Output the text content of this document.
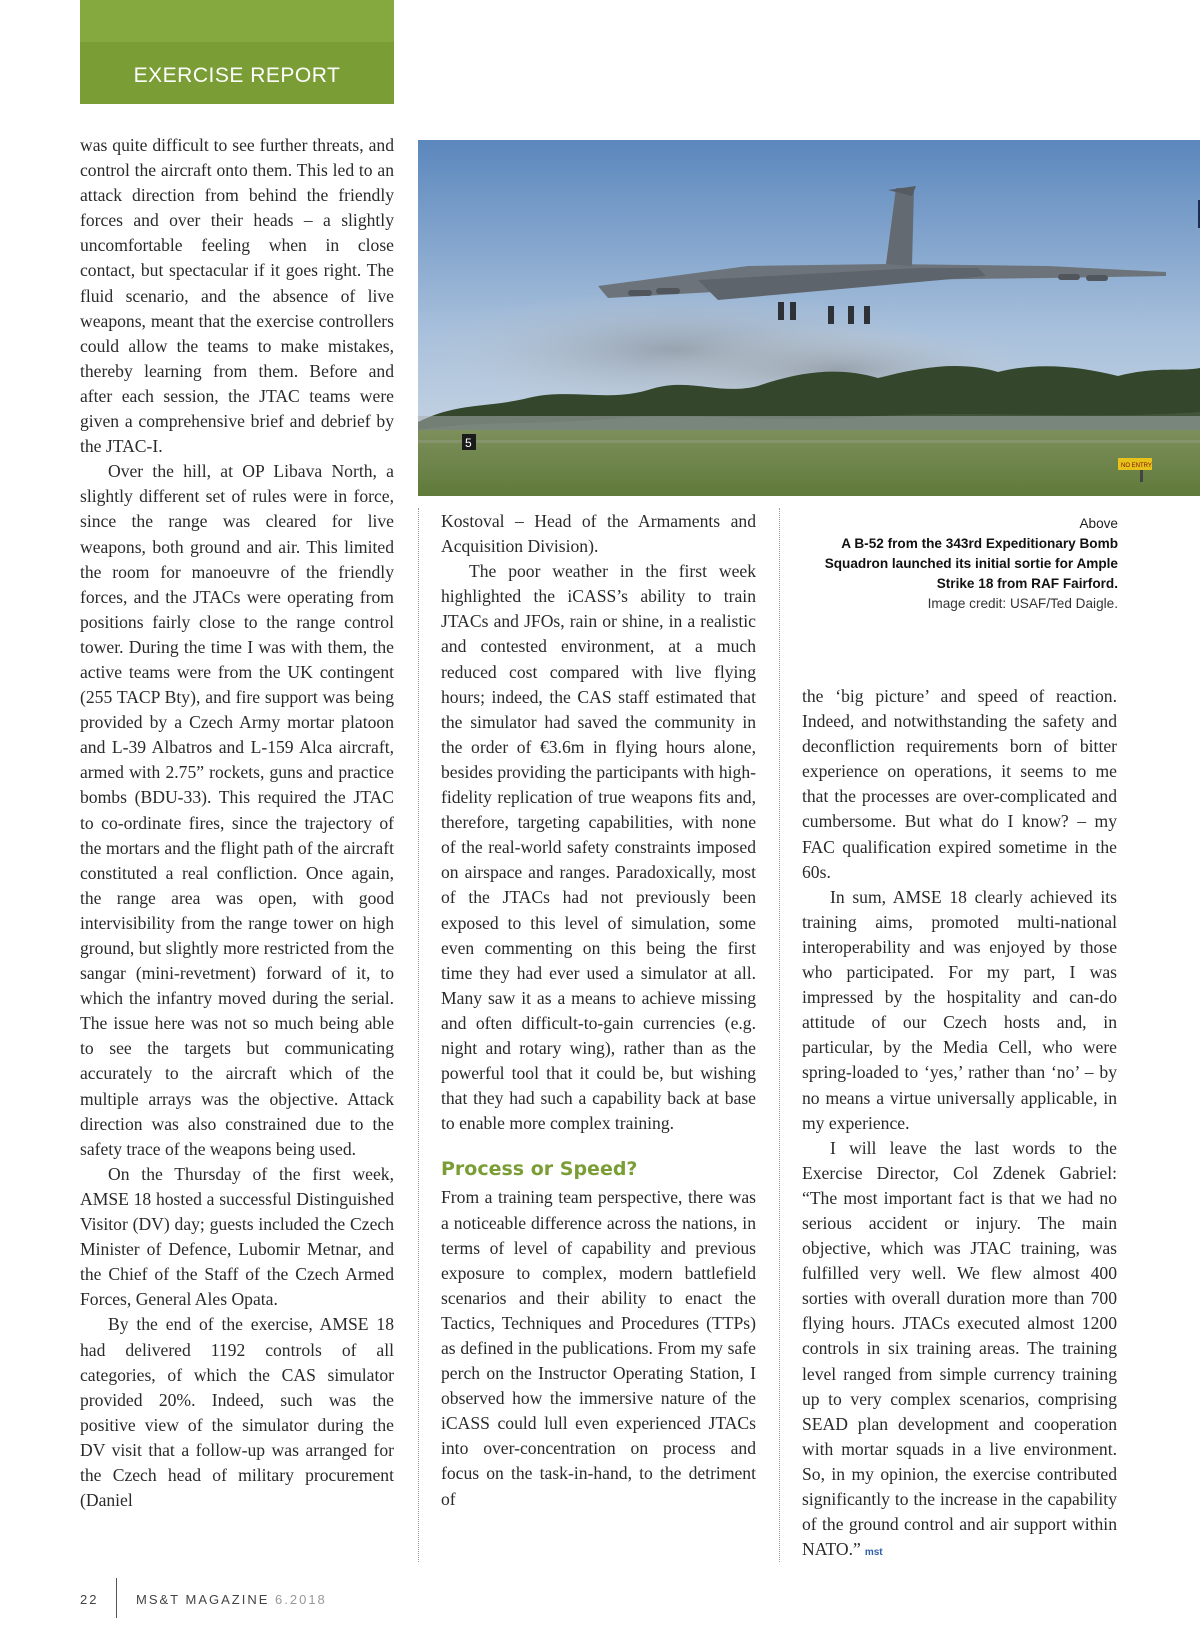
EXERCISE REPORT
5
NO ENTRY

was quite difficult to see further threats, and control the aircraft onto them. This led to an attack direction from behind the friendly forces and over their heads – a slightly uncomfortable feeling when in close contact, but spectacular if it goes right. The fluid scenario, and the absence of live weapons, meant that the exercise controllers could allow the teams to make mistakes, thereby learning from them. Before and after each session, the JTAC teams were given a comprehensive brief and debrief by the JTAC-I.

Over the hill, at OP Libava North, a slightly different set of rules were in force, since the range was cleared for live weapons, both ground and air. This limited the room for manoeuvre of the friendly forces, and the JTACs were operating from positions fairly close to the range control tower. During the time I was with them, the active teams were from the UK contingent (255 TACP Bty), and fire support was being provided by a Czech Army mortar platoon and L-39 Albatros and L-159 Alca aircraft, armed with 2.75” rockets, guns and practice bombs (BDU-33). This required the JTAC to co-ordinate fires, since the trajectory of the mortars and the flight path of the aircraft constituted a real confliction. Once again, the range area was open, with good intervisibility from the range tower on high ground, but slightly more restricted from the sangar (mini-revetment) forward of it, to which the infantry moved during the serial. The issue here was not so much being able to see the targets but communicating accurately to the aircraft which of the multiple arrays was the objective. Attack direction was also constrained due to the safety trace of the weapons being used.

On the Thursday of the first week, AMSE 18 hosted a successful Distinguished Visitor (DV) day; guests included the Czech Minister of Defence, Lubomir Metnar, and the Chief of the Staff of the Czech Armed Forces, General Ales Opata.

By the end of the exercise, AMSE 18 had delivered 1192 controls of all categories, of which the CAS simulator provided 20%. Indeed, such was the positive view of the simulator during the DV visit that a follow-up was arranged for the Czech head of military procurement (Daniel

Kostoval – Head of the Armaments and Acquisition Division).

The poor weather in the first week highlighted the iCASS’s ability to train JTACs and JFOs, rain or shine, in a realistic and contested environment, at a much reduced cost compared with live flying hours; indeed, the CAS staff estimated that the simulator had saved the community in the order of €3.6m in flying hours alone, besides providing the participants with high-fidelity replication of true weapons fits and, therefore, targeting capabilities, with none of the real-world safety constraints imposed on airspace and ranges. Paradoxically, most of the JTACs had not previously been exposed to this level of simulation, some even commenting on this being the first time they had ever used a simulator at all. Many saw it as a means to achieve missing and often difficult-to-gain currencies (e.g. night and rotary wing), rather than as the powerful tool that it could be, but wishing that they had such a capability back at base to enable more complex training.

Process or Speed?

From a training team perspective, there was a noticeable difference across the nations, in terms of level of capability and previous exposure to complex, modern battlefield scenarios and their ability to enact the Tactics, Techniques and Procedures (TTPs) as defined in the publications. From my safe perch on the Instructor Operating Station, I observed how the immersive nature of the iCASS could lull even experienced JTACs into over-concentration on process and focus on the task-in-hand, to the detriment of

Above
A B-52 from the 343rd Expeditionary Bomb Squadron launched its initial sortie for Ample Strike 18 from RAF Fairford.
Image credit: USAF/Ted Daigle.

the ‘big picture’ and speed of reaction. Indeed, and notwithstanding the safety and deconfliction requirements born of bitter experience on operations, it seems to me that the processes are over-complicated and cumbersome. But what do I know? – my FAC qualification expired sometime in the 60s.

In sum, AMSE 18 clearly achieved its training aims, promoted multi-national interoperability and was enjoyed by those who participated. For my part, I was impressed by the hospitality and can-do attitude of our Czech hosts and, in particular, by the Media Cell, who were spring-loaded to ‘yes,’ rather than ‘no’ – by no means a virtue universally applicable, in my experience.

I will leave the last words to the Exercise Director, Col Zdenek Gabriel: “The most important fact is that we had no serious accident or injury. The main objective, which was JTAC training, was fulfilled very well. We flew almost 400 sorties with overall duration more than 700 flying hours. JTACs executed almost 1200 controls in six training areas. The training level ranged from simple currency training up to very complex scenarios, comprising SEAD plan development and cooperation with mortar squads in a live environment. So, in my opinion, the exercise contributed significantly to the increase in the capability of the ground control and air support within NATO.” mst

22	MS&T MAGAZINE 6.2018
